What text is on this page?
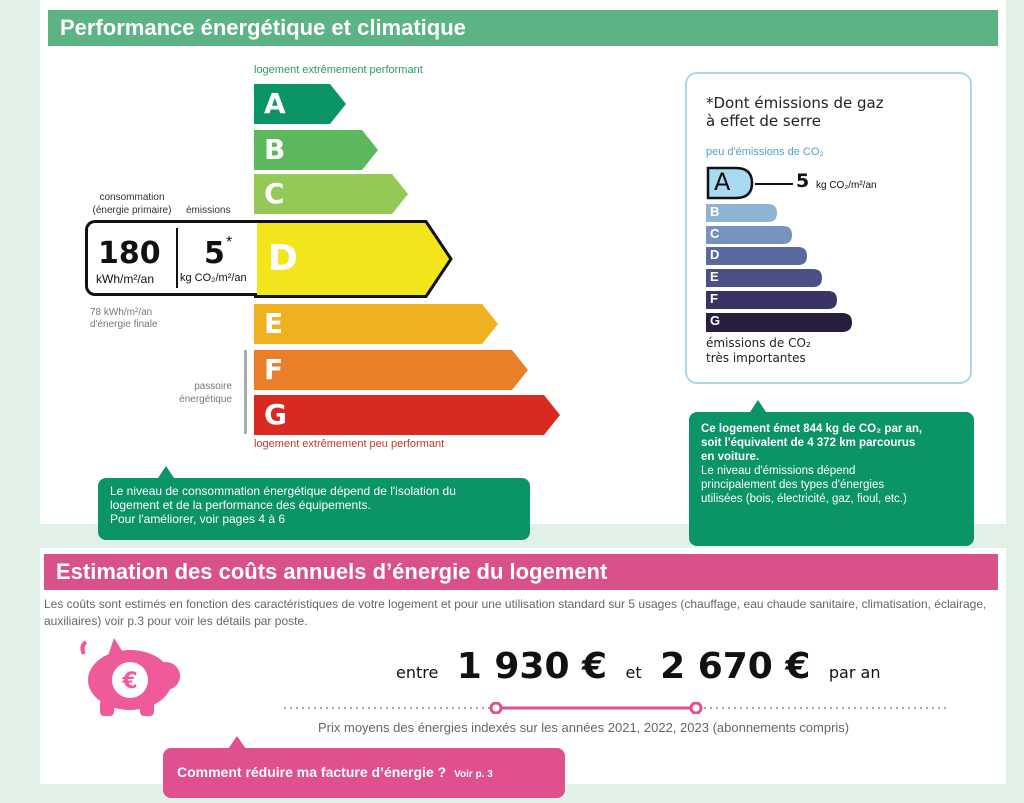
Performance énergétique et climatique
logement extrêmement performant
A
B
C
D
E
F
G
logement extrêmement peu performant
consommation
(énergie primaire)	émissions
180
kWh/m²/an
5 *
kg CO₂/m²/an
78 kWh/m²/an
d'énergie finale
passoire
énergétique
Le niveau de consommation énergétique dépend de l'isolation du
logement et de la performance des équipements.
Pour l'améliorer, voir pages 4 à 6
*Dont émissions de gaz
à effet de serre
peu d'émissions de CO₂
A	5 kg CO₂/m²/an
B
C
D
E
F
G
émissions de CO₂
très importantes
Ce logement émet 844 kg de CO₂ par an,
soit l'équivalent de 4 372 km parcourus
en voiture.
Le niveau d'émissions dépend
principalement des types d'énergies
utilisées (bois, électricité, gaz, fioul, etc.)
Estimation des coûts annuels d’énergie du logement
Les coûts sont estimés en fonction des caractéristiques de votre logement et pour une utilisation standard sur 5 usages (chauffage, eau chaude sanitaire, climatisation, éclairage, auxiliaires) voir p.3 pour voir les détails par poste.
€	entre 1 930 € et 2 670 € par an
Prix moyens des énergies indexés sur les années 2021, 2022, 2023 (abonnements compris)
Comment réduire ma facture d’énergie ? Voir p. 3
